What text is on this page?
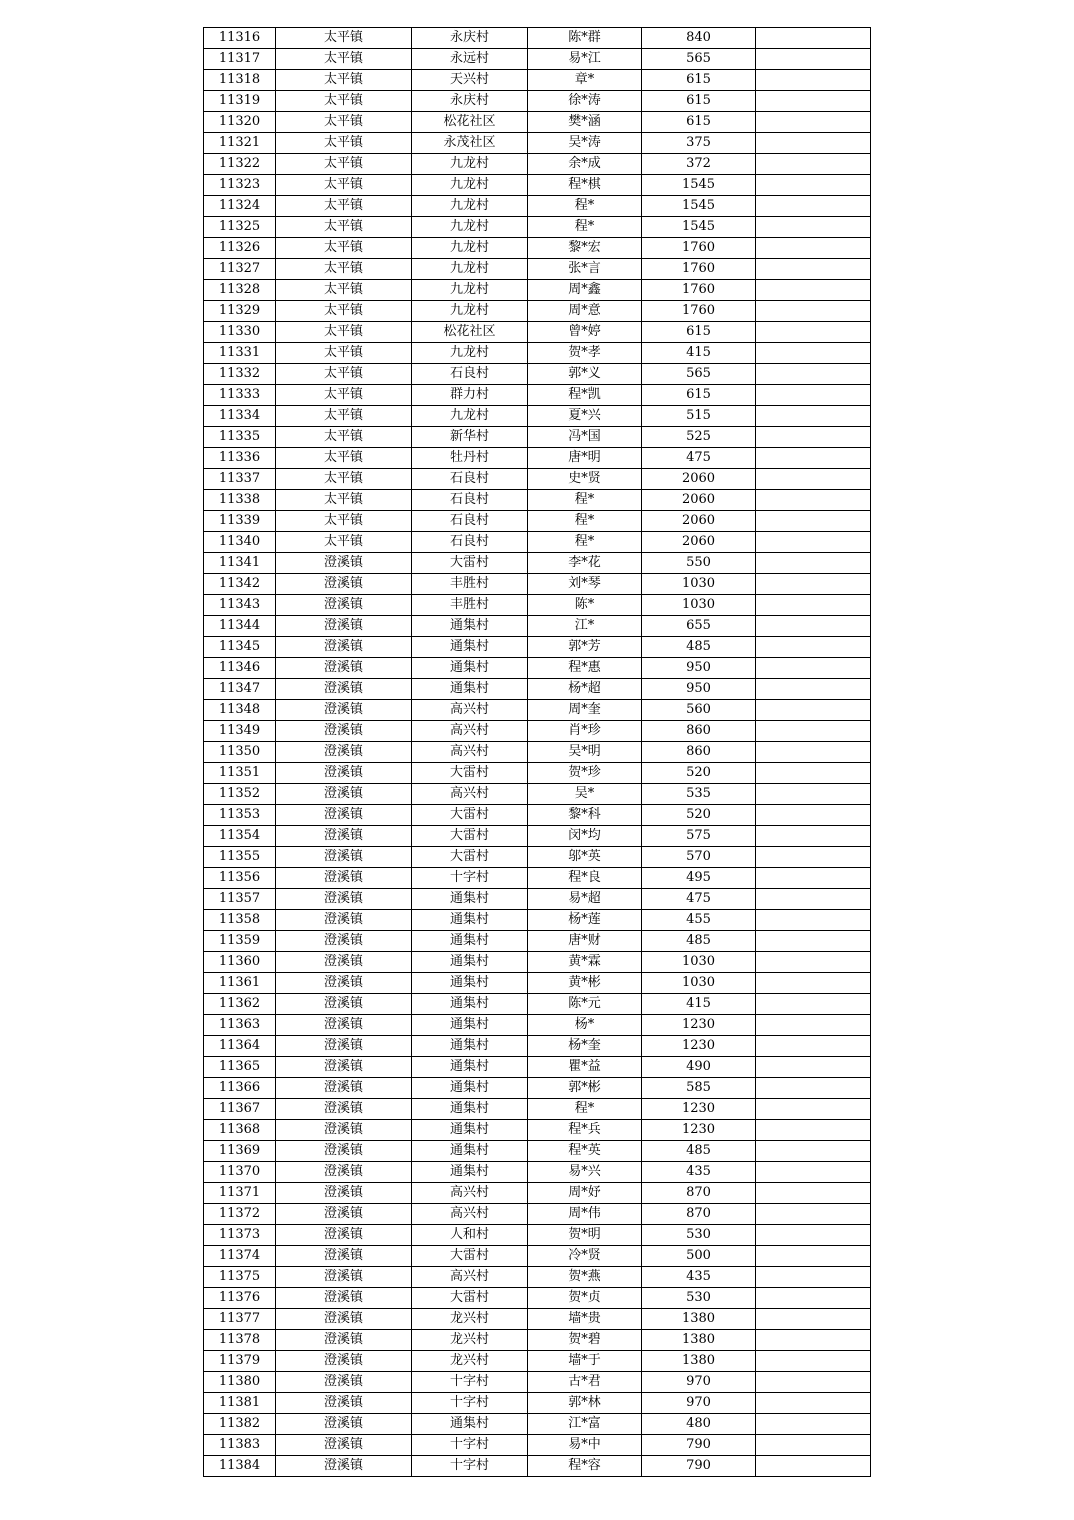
11316	太平镇	永庆村	陈*群	840	
11317	太平镇	永远村	易*江	565	
11318	太平镇	天兴村	章*	615	
11319	太平镇	永庆村	徐*涛	615	
11320	太平镇	松花社区	樊*涵	615	
11321	太平镇	永茂社区	吴*涛	375	
11322	太平镇	九龙村	余*成	372	
11323	太平镇	九龙村	程*棋	1545	
11324	太平镇	九龙村	程*	1545	
11325	太平镇	九龙村	程*	1545	
11326	太平镇	九龙村	黎*宏	1760	
11327	太平镇	九龙村	张*言	1760	
11328	太平镇	九龙村	周*鑫	1760	
11329	太平镇	九龙村	周*意	1760	
11330	太平镇	松花社区	曾*婷	615	
11331	太平镇	九龙村	贺*孝	415	
11332	太平镇	石良村	郭*义	565	
11333	太平镇	群力村	程*凯	615	
11334	太平镇	九龙村	夏*兴	515	
11335	太平镇	新华村	冯*国	525	
11336	太平镇	牡丹村	唐*明	475	
11337	太平镇	石良村	史*贤	2060	
11338	太平镇	石良村	程*	2060	
11339	太平镇	石良村	程*	2060	
11340	太平镇	石良村	程*	2060	
11341	澄溪镇	大雷村	李*花	550	
11342	澄溪镇	丰胜村	刘*琴	1030	
11343	澄溪镇	丰胜村	陈*	1030	
11344	澄溪镇	通集村	江*	655	
11345	澄溪镇	通集村	郭*芳	485	
11346	澄溪镇	通集村	程*惠	950	
11347	澄溪镇	通集村	杨*超	950	
11348	澄溪镇	高兴村	周*奎	560	
11349	澄溪镇	高兴村	肖*珍	860	
11350	澄溪镇	高兴村	吴*明	860	
11351	澄溪镇	大雷村	贺*珍	520	
11352	澄溪镇	高兴村	吴*	535	
11353	澄溪镇	大雷村	黎*科	520	
11354	澄溪镇	大雷村	闵*均	575	
11355	澄溪镇	大雷村	邬*英	570	
11356	澄溪镇	十字村	程*良	495	
11357	澄溪镇	通集村	易*超	475	
11358	澄溪镇	通集村	杨*莲	455	
11359	澄溪镇	通集村	唐*财	485	
11360	澄溪镇	通集村	黄*霖	1030	
11361	澄溪镇	通集村	黄*彬	1030	
11362	澄溪镇	通集村	陈*元	415	
11363	澄溪镇	通集村	杨*	1230	
11364	澄溪镇	通集村	杨*奎	1230	
11365	澄溪镇	通集村	瞿*益	490	
11366	澄溪镇	通集村	郭*彬	585	
11367	澄溪镇	通集村	程*	1230	
11368	澄溪镇	通集村	程*兵	1230	
11369	澄溪镇	通集村	程*英	485	
11370	澄溪镇	通集村	易*兴	435	
11371	澄溪镇	高兴村	周*妤	870	
11372	澄溪镇	高兴村	周*伟	870	
11373	澄溪镇	人和村	贺*明	530	
11374	澄溪镇	大雷村	冷*贤	500	
11375	澄溪镇	高兴村	贺*燕	435	
11376	澄溪镇	大雷村	贺*贞	530	
11377	澄溪镇	龙兴村	墙*贵	1380	
11378	澄溪镇	龙兴村	贺*碧	1380	
11379	澄溪镇	龙兴村	墙*于	1380	
11380	澄溪镇	十字村	古*君	970	
11381	澄溪镇	十字村	郭*林	970	
11382	澄溪镇	通集村	江*富	480	
11383	澄溪镇	十字村	易*中	790	
11384	澄溪镇	十字村	程*容	790	
